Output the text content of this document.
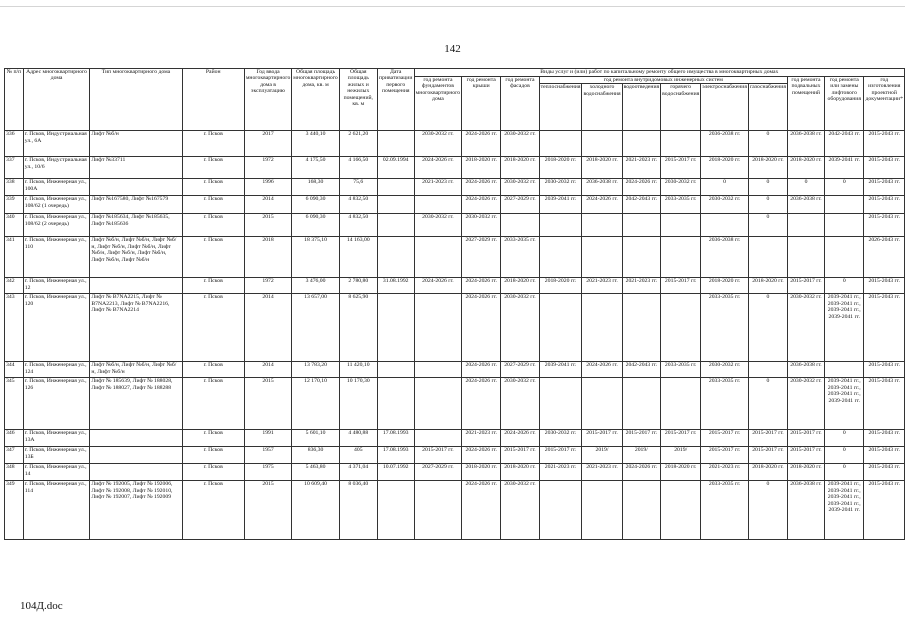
142
№ п/п	Адрес многоквартирного дома	Тип многоквартирного дома	Район	Год ввода многоквартирного дома в эксплуатацию	Общая площадь многоквартирного дома, кв. м	Общая площадь жилых и нежилых помещений, кв. м	Дата приватизации первого помещения	Виды услуг и (или) работ по капитальному ремонту общего имущества в многоквартирных домах											
								год ремонта фундаментов многоквартирного дома	год ремонта крыши	год ремонта фасадов	год ремонта внутридомовых инженерных систем						год ремонта подвальных помещений	год ремонта или замены лифтового оборудования	год изготовления проектной документации*
											теплоснабжения	холодного водоснабжения	водоотведения	горячего водоснабжения	электроснабжения	газоснабжения			
336	г. Псков, Индустриальная ул., 6А	Лифт №б/н	г. Псков	2017	3 440,10	2 621,20		2030-2032 гг.	2024-2026 гг.	2030-2032 гг.					2036-2038 гг.	0	2036-2038 гг.	2042-2043 гг.	2015-2043 гг.
337	г. Псков, Индустриальная ул., 10/6	Лифт №33711	г. Псков	1972	4 175,50	4 166,50	02.09.1994	2024-2026 гг.	2018-2020 гг.	2018-2020 гг.	2018-2020 гг.	2018-2020 гг.	2021-2023 гг.	2015-2017 гг.	2018-2020 гг.	2018-2020 гг.	2018-2020 гг.	2039-2041 гг.	2015-2043 гг.
338	г. Псков, Инженерная ул., 100А		г. Псков	1996	168,30	75,6		2021-2023 гг.	2024-2026 гг.	2030-2032 гг.	2030-2032 гг.	2036-2038 гг.	2024-2026 гг.	2030-2032 гг.	0	0	0	0	2015-2043 гг.
339	г. Псков, Инженерная ул., 108/62 (1 очередь)	Лифт №167580, Лифт №167579	г. Псков	2014	6 090,30	4 832,50			2024-2026 гг.	2027-2029 гг.	2039-2041 гг.	2024-2026 гг.	2042-2043 гг.	2033-2035 гг.	2030-2032 гг.	0	2036-2038 гг.		2015-2043 гг.
340	г. Псков, Инженерная ул., 108/62 (2 очередь)	Лифт №185634, Лифт №185635, Лифт №185636	г. Псков	2015	6 090,30	4 832,50		2030-2032 гг.	2030-2032 гг.							0			2015-2043 гг.
341	г. Псков, Инженерная ул., 110	Лифт №б/н, Лифт №б/н, Лифт №б/н, Лифт №б/н, Лифт №б/н, Лифт №б/н, Лифт №б/н, Лифт №б/н, Лифт №б/н, Лифт №б/н	г. Псков	2018	18 375,10	14 163,00			2027-2029 гг.	2033-2035 гг.					2036-2038 гг.				2026-2043 гг.
342	г. Псков, Инженерная ул., 12		г. Псков	1972	3 476,00	2 780,80	31.08.1992	2024-2026 гг.	2024-2026 гг.	2018-2020 гг.	2018-2020 гг.	2021-2023 гг.	2021-2023 гг.	2015-2017 гг.	2018-2020 гг.	2018-2020 гг.	2015-2017 гг.	0	2015-2043 гг.
343	г. Псков, Инженерная ул., 120	Лифт № В7NA2215, Лифт № В7NA2213, Лифт № В7NA2216, Лифт № В7NA2214	г. Псков	2014	13 657,00	8 625,90			2024-2026 гг.	2030-2032 гг.					2033-2035 гг.	0	2030-2032 гг.	2039-2041 гг., 2039-2041 гг., 2039-2041 гг., 2039-2041 гг.	2015-2043 гг.
344	г. Псков, Инженерная ул., 124	Лифт №б/н, Лифт №б/н, Лифт №б/н, Лифт №б/н	г. Псков	2014	13 783,20	11 420,10			2024-2026 гг.	2027-2029 гг.	2039-2041 гг.	2024-2026 гг.	2042-2043 гг.	2033-2035 гг.	2030-2032 гг.		2036-2038 гг.		2015-2043 гг.
345	г. Псков, Инженерная ул., 126	Лифт № 185639, Лифт № 188028, Лифт № 188027, Лифт № 188288	г. Псков	2015	12 170,10	10 170,30			2024-2026 гг.	2030-2032 гг.					2033-2035 гг.	0	2030-2032 гг.	2039-2041 гг., 2039-2041 гг., 2039-2041 гг., 2039-2041 гг.	2015-2043 гг.
346	г. Псков, Инженерная ул., 13А		г. Псков	1991	5 601,10	4 480,88	17.08.1993		2021-2023 гг.	2024-2026 гг.	2030-2032 гг.	2015-2017 гг.	2015-2017 гг.	2015-2017 гг.	2015-2017 гг.	2015-2017 гг.	2015-2017 гг.	0	2015-2043 гг.
347	г. Псков, Инженерная ул., 13Б		г. Псков	1957	836,30	405	17.08.1993	2015-2017 гг.	2024-2026 гг.	2015-2017 гг.	2015-2017 гг.	2019/	2019/	2019/	2015-2017 гг.	2015-2017 гг.	2015-2017 гг.	0	2015-2043 гг.
348	г. Псков, Инженерная ул., 14		г. Псков	1975	5 463,80	4 371,04	10.07.1992	2027-2029 гг.	2018-2020 гг.	2018-2020 гг.	2021-2023 гг.	2021-2023 гг.	2024-2026 гг.	2018-2020 гг.	2021-2023 гг.	2018-2020 гг.	2018-2020 гг.	0	2015-2043 гг.
349	г. Псков, Инженерная ул., 114	Лифт № 192005, Лифт № 192006, Лифт № 192008, Лифт № 192010, Лифт № 192007, Лифт № 192009	г. Псков	2015	10 609,40	8 036,40			2024-2026 гг.	2030-2032 гг.					2033-2035 гг.	0	2036-2038 гг.	2039-2041 гг., 2039-2041 гг., 2039-2041 гг., 2039-2041 гг., 2039-2041 гг.	2015-2043 гг.
104Д.doc
